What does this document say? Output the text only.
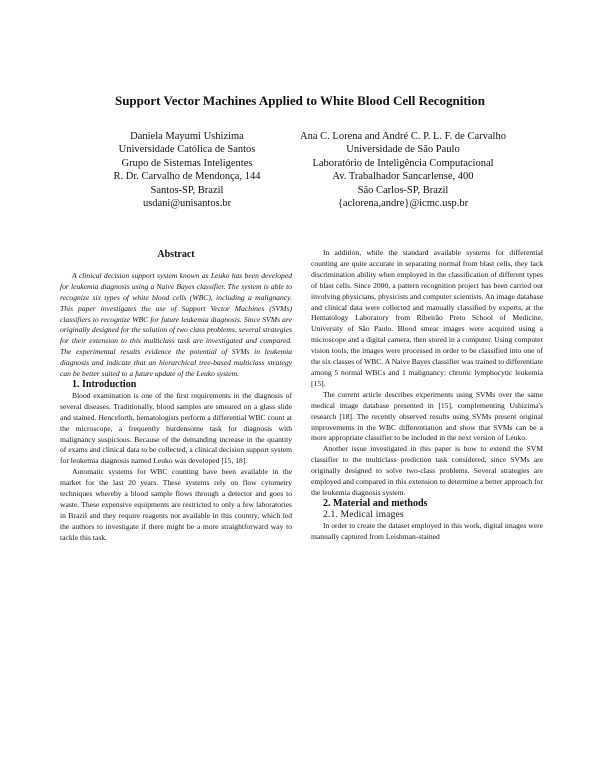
Support Vector Machines Applied to White Blood Cell Recognition
Daniela Mayumi Ushizima
Universidade Católica de Santos
Grupo de Sistemas Inteligentes
R. Dr. Carvalho de Mendonça, 144
Santos-SP, Brazil
usdani@unisantos.br
Ana C. Lorena and André C. P. L. F. de Carvalho
Universidade de São Paulo
Laboratório de Inteligência Computacional
Av. Trabalhador Sancarlense, 400
São Carlos-SP, Brazil
{aclorena,andre}@icmc.usp.br
Abstract

A clinical decision support system known as Leuko has been developed for leukemia diagnosis using a Naive Bayes classifier. The system is able to recognize six types of white blood cells (WBC), including a malignancy. This paper investigates the use of Support Vector Machines (SVMs) classifiers to recognize WBC for future leukemia diagnosis. Since SVMs are originally designed for the solution of two class problems, several strategies for their extension to this multiclass task are investigated and compared. The experimental results evidence the potential of SVMs in leukemia diagnosis and indicate that an hierarchical tree-based multiclass strategy can be better suited to a future update of the Leuko system.

1. Introduction

Blood examination is one of the first requirements in the diagnosis of several diseases. Traditionally, blood samples are smeared on a glass slide and stained. Henceforth, hematologists perform a differential WBC count at the microscope, a frequently burdensome task for diagnosis with malignancy suspicious. Because of the demanding increase in the quantity of exams and clinical data to be collected, a clinical decision support system for leukemia diagnosis named Leuko was developed [15, 18].

Automatic systems for WBC counting have been available in the market for the last 20 years. These systems rely on flow cytometry techniques whereby a blood sample flows through a detector and goes to waste. These expensive equipments are restricted to only a few laboratories in Brazil and they require reagents not available in this country, which led the authors to investigate if there might be a more straightforward way to tackle this task.

In addition, while the standard available systems for differential counting are quite accurate in separating normal from blast cells, they lack discrimination ability when employed in the classification of different types of blast cells. Since 2000, a pattern recognition project has been carried out involving physicians, physicists and computer scientists. An image database and clinical data were collected and manually classified by experts, at the Hematology Laboratory from Ribeirão Preto School of Medicine, University of São Paulo. Blood smear images were acquired using a microscope and a digital camera, then stored in a computer. Using computer vision tools, the images were processed in order to be classified into one of the six classes of WBC. A Naive Bayes classifier was trained to differentiate among 5 normal WBCs and 1 malignancy: chronic lymphocytic leukemia [15].

The current article describes experiments using SVMs over the same medical image database presented in [15], complementing Ushizima's research [18]. The recently observed results using SVMs present original improvements in the WBC differentiation and show that SVMs can be a more appropriate classifier to be included in the next version of Leuko.

Another issue investigated in this paper is how to extend the SVM classifier to the multiclass prediction task considered, since SVMs are originally designed to solve two-class problems. Several strategies are employed and compared in this extension to determine a better approach for the leukemia diagnosis system.

2. Material and methods

2.1. Medical images

In order to create the dataset employed in this work, digital images were manually captured from Leishman-stained
